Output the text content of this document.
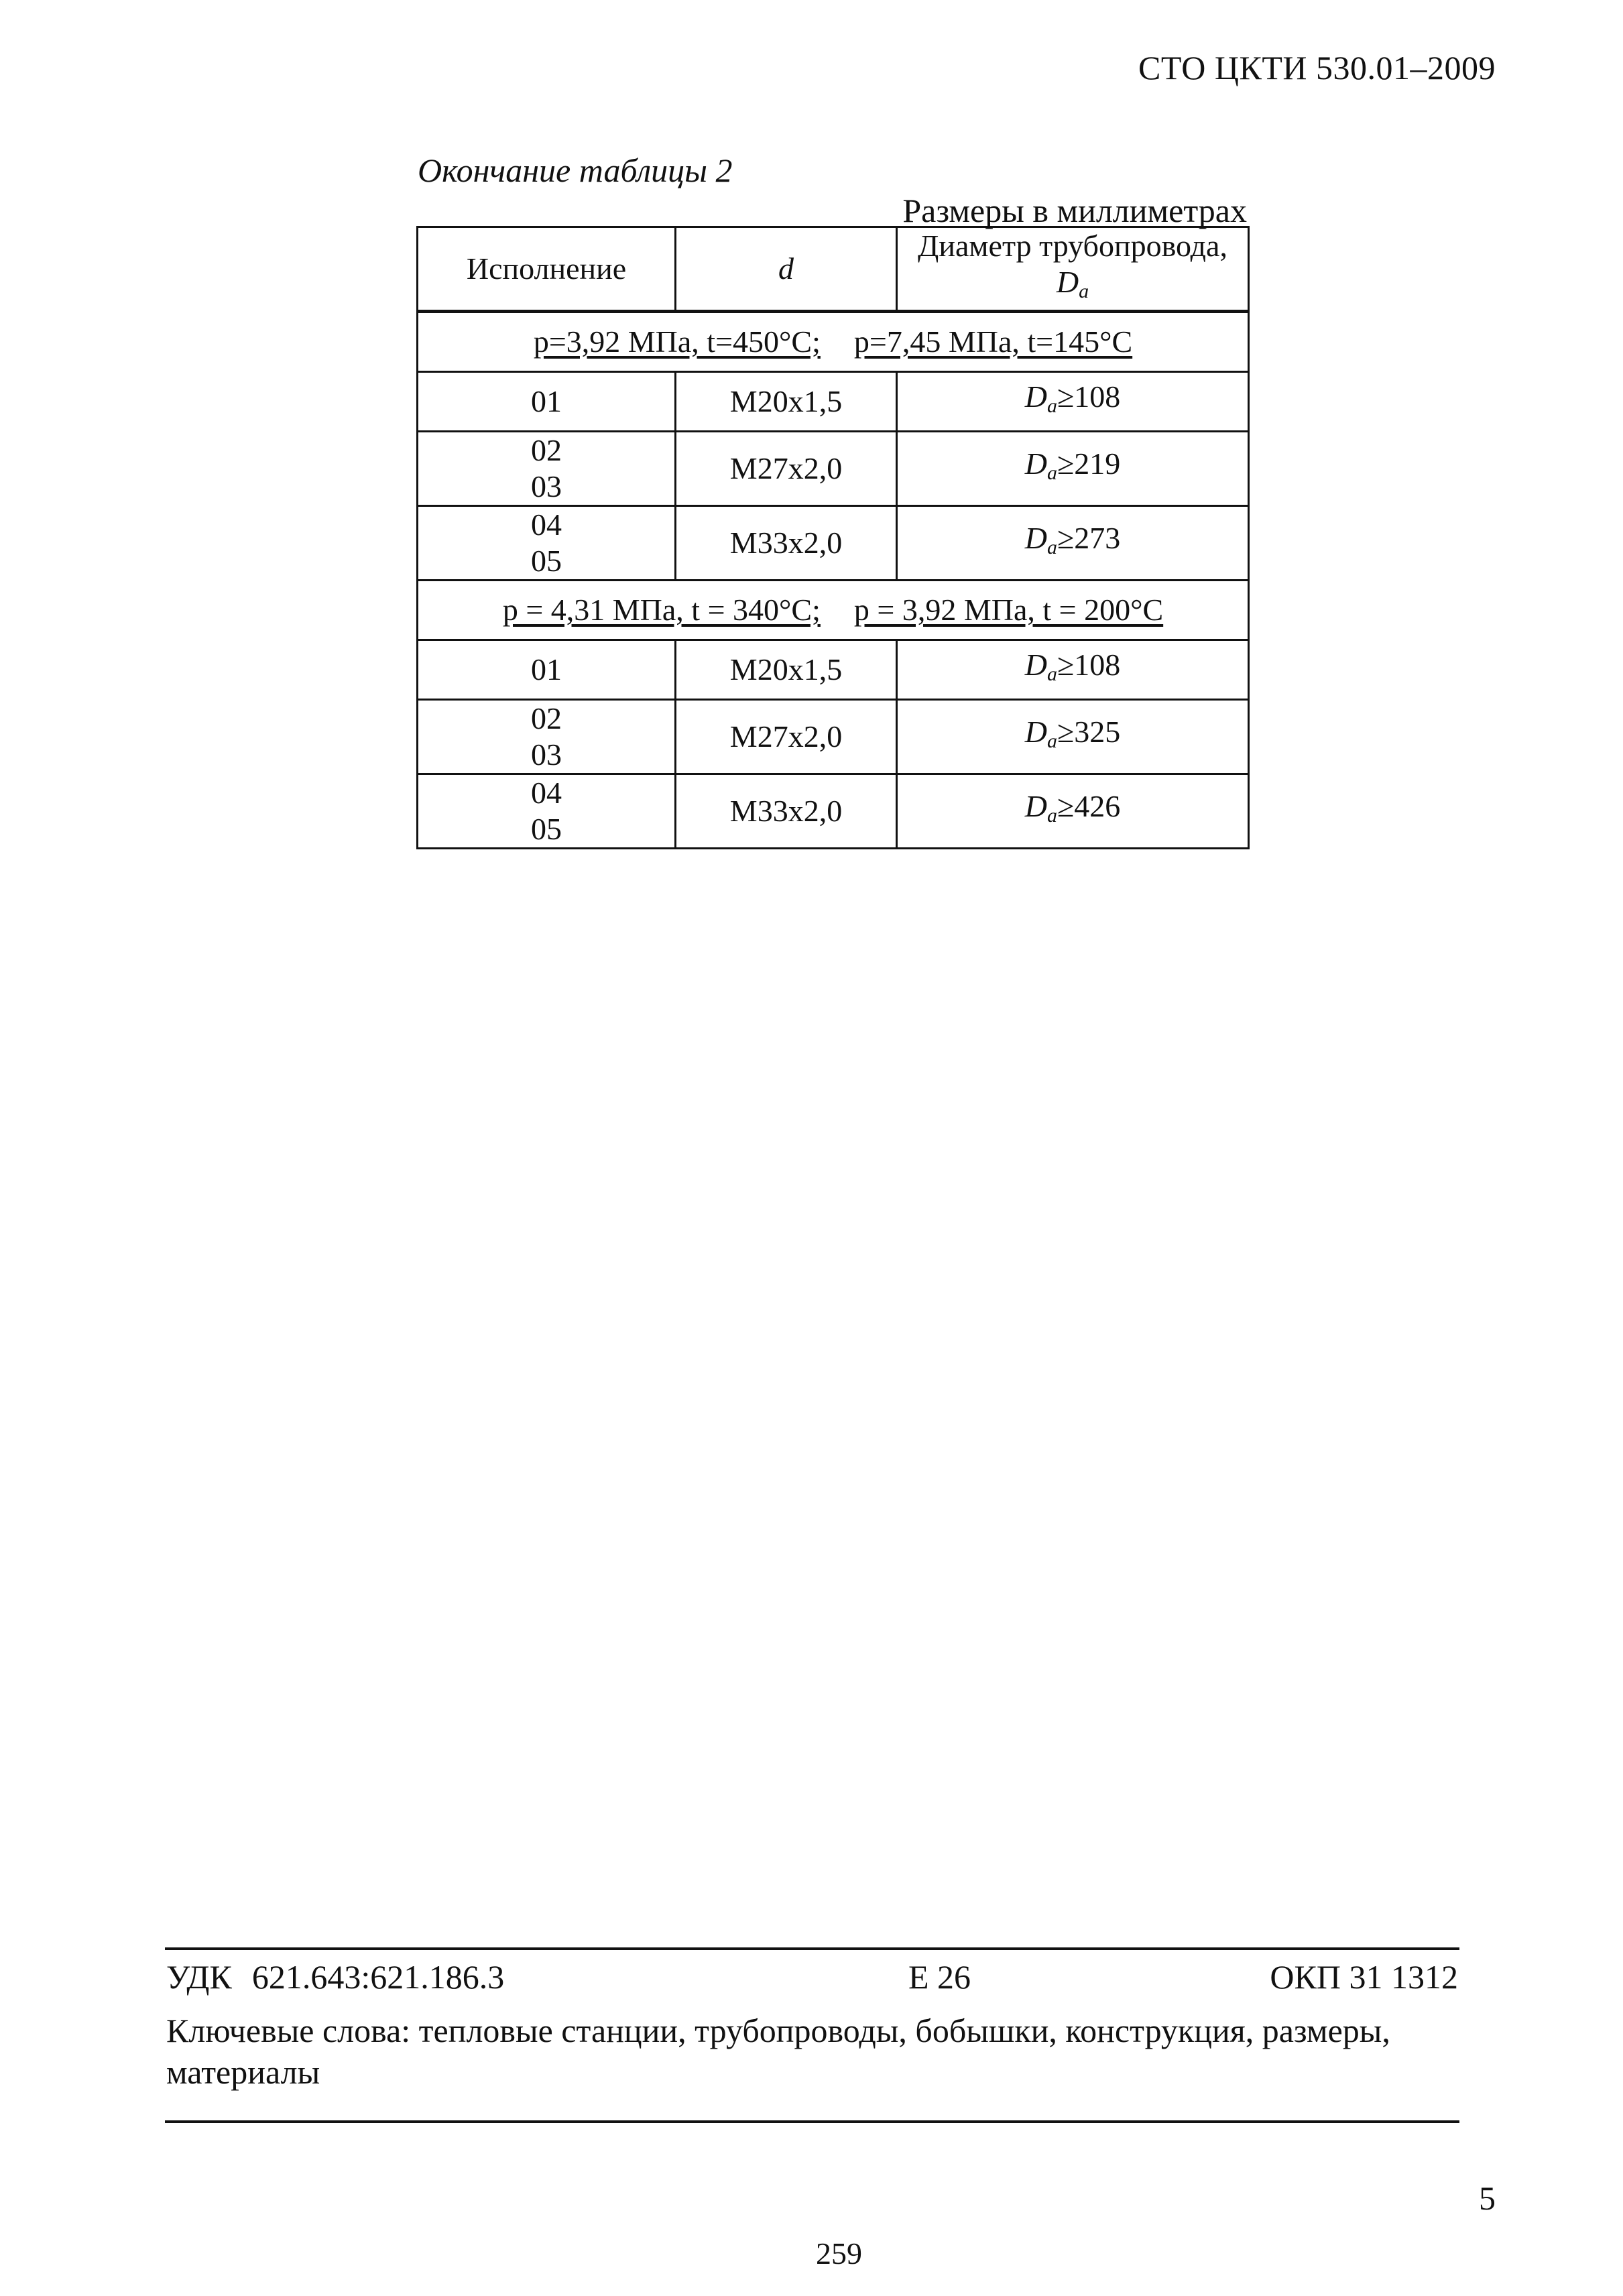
СТО ЦКТИ 530.01–2009
Окончание таблицы 2
Размеры в миллиметрах
Исполнение	d	Диаметр трубопровода,
$D_a$

p=3,92 МПа, t=450°С; p=7,45 МПа, t=145°С		

01	М20х1,5	$D_a\ge 108$

02
03	М27х2,0	$D_a\ge 219$

04
05	М33х2,0	$D_a\ge 273$
p = 4,31 МПа, t = 340°С; p = 3,92 МПа, t = 200°С		

01	М20х1,5	$D_a\ge 108$

02
03	М27х2,0	$D_a\ge 325$

04
05	М33х2,0	$D_a\ge 426$
УДК 621.643:621.186.3	Е 26	ОКП 31 1312
Ключевые слова: тепловые станции, трубопроводы, бобышки, конструкция, размеры, материалы
5
259
